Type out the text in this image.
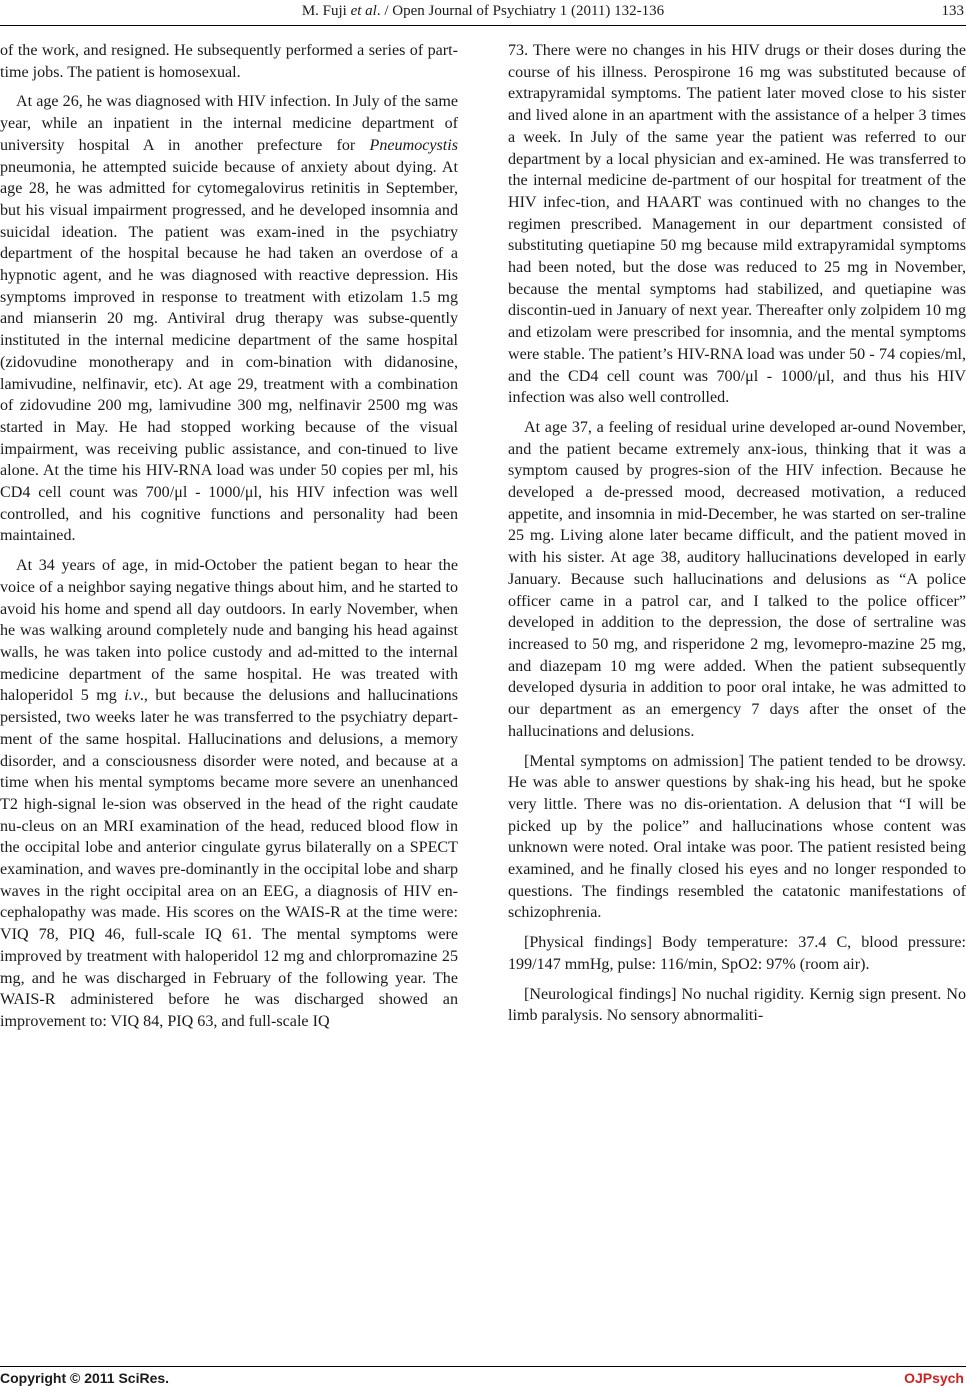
M. Fuji et al. / Open Journal of Psychiatry 1 (2011) 132-136	133

of the work, and resigned. He subsequently performed a series of part-time jobs. The patient is homosexual.

At age 26, he was diagnosed with HIV infection. In July of the same year, while an inpatient in the internal medicine department of university hospital A in another prefecture for Pneumocystis pneumonia, he attempted suicide because of anxiety about dying. At age 28, he was admitted for cytomegalovirus retinitis in September, but his visual impairment progressed, and he developed insomnia and suicidal ideation. The patient was exam-ined in the psychiatry department of the hospital because he had taken an overdose of a hypnotic agent, and he was diagnosed with reactive depression. His symptoms improved in response to treatment with etizolam 1.5 mg and mianserin 20 mg. Antiviral drug therapy was subse-quently instituted in the internal medicine department of the same hospital (zidovudine monotherapy and in com-bination with didanosine, lamivudine, nelfinavir, etc). At age 29, treatment with a combination of zidovudine 200 mg, lamivudine 300 mg, nelfinavir 2500 mg was started in May. He had stopped working because of the visual impairment, was receiving public assistance, and con-tinued to live alone. At the time his HIV-RNA load was under 50 copies per ml, his CD4 cell count was 700/μl - 1000/μl, his HIV infection was well controlled, and his cognitive functions and personality had been maintained.

At 34 years of age, in mid-October the patient began to hear the voice of a neighbor saying negative things about him, and he started to avoid his home and spend all day outdoors. In early November, when he was walking around completely nude and banging his head against walls, he was taken into police custody and ad-mitted to the internal medicine department of the same hospital. He was treated with haloperidol 5 mg i.v., but because the delusions and hallucinations persisted, two weeks later he was transferred to the psychiatry depart-ment of the same hospital. Hallucinations and delusions, a memory disorder, and a consciousness disorder were noted, and because at a time when his mental symptoms became more severe an unenhanced T2 high-signal le-sion was observed in the head of the right caudate nu-cleus on an MRI examination of the head, reduced blood flow in the occipital lobe and anterior cingulate gyrus bilaterally on a SPECT examination, and waves pre-dominantly in the occipital lobe and sharp waves in the right occipital area on an EEG, a diagnosis of HIV en-cephalopathy was made. His scores on the WAIS-R at the time were: VIQ 78, PIQ 46, full-scale IQ 61. The mental symptoms were improved by treatment with haloperidol 12 mg and chlorpromazine 25 mg, and he was discharged in February of the following year. The WAIS-R administered before he was discharged showed an improvement to: VIQ 84, PIQ 63, and full-scale IQ

73. There were no changes in his HIV drugs or their doses during the course of his illness. Perospirone 16 mg was substituted because of extrapyramidal symptoms. The patient later moved close to his sister and lived alone in an apartment with the assistance of a helper 3 times a week. In July of the same year the patient was referred to our department by a local physician and ex-amined. He was transferred to the internal medicine de-partment of our hospital for treatment of the HIV infec-tion, and HAART was continued with no changes to the regimen prescribed. Management in our department consisted of substituting quetiapine 50 mg because mild extrapyramidal symptoms had been noted, but the dose was reduced to 25 mg in November, because the mental symptoms had stabilized, and quetiapine was discontin-ued in January of next year. Thereafter only zolpidem 10 mg and etizolam were prescribed for insomnia, and the mental symptoms were stable. The patient’s HIV-RNA load was under 50 - 74 copies/ml, and the CD4 cell count was 700/μl - 1000/μl, and thus his HIV infection was also well controlled.

At age 37, a feeling of residual urine developed ar-ound November, and the patient became extremely anx-ious, thinking that it was a symptom caused by progres-sion of the HIV infection. Because he developed a de-pressed mood, decreased motivation, a reduced appetite, and insomnia in mid-December, he was started on ser-traline 25 mg. Living alone later became difficult, and the patient moved in with his sister. At age 38, auditory hallucinations developed in early January. Because such hallucinations and delusions as “A police officer came in a patrol car, and I talked to the police officer” developed in addition to the depression, the dose of sertraline was increased to 50 mg, and risperidone 2 mg, levomepro-mazine 25 mg, and diazepam 10 mg were added. When the patient subsequently developed dysuria in addition to poor oral intake, he was admitted to our department as an emergency 7 days after the onset of the hallucinations and delusions.

[Mental symptoms on admission] The patient tended to be drowsy. He was able to answer questions by shak-ing his head, but he spoke very little. There was no dis-orientation. A delusion that “I will be picked up by the police” and hallucinations whose content was unknown were noted. Oral intake was poor. The patient resisted being examined, and he finally closed his eyes and no longer responded to questions. The findings resembled the catatonic manifestations of schizophrenia.

[Physical findings] Body temperature: 37.4 C, blood pressure: 199/147 mmHg, pulse: 116/min, SpO2: 97% (room air).

[Neurological findings] No nuchal rigidity. Kernig sign present. No limb paralysis. No sensory abnormaliti-

Copyright © 2011 SciRes.	OJPsych
